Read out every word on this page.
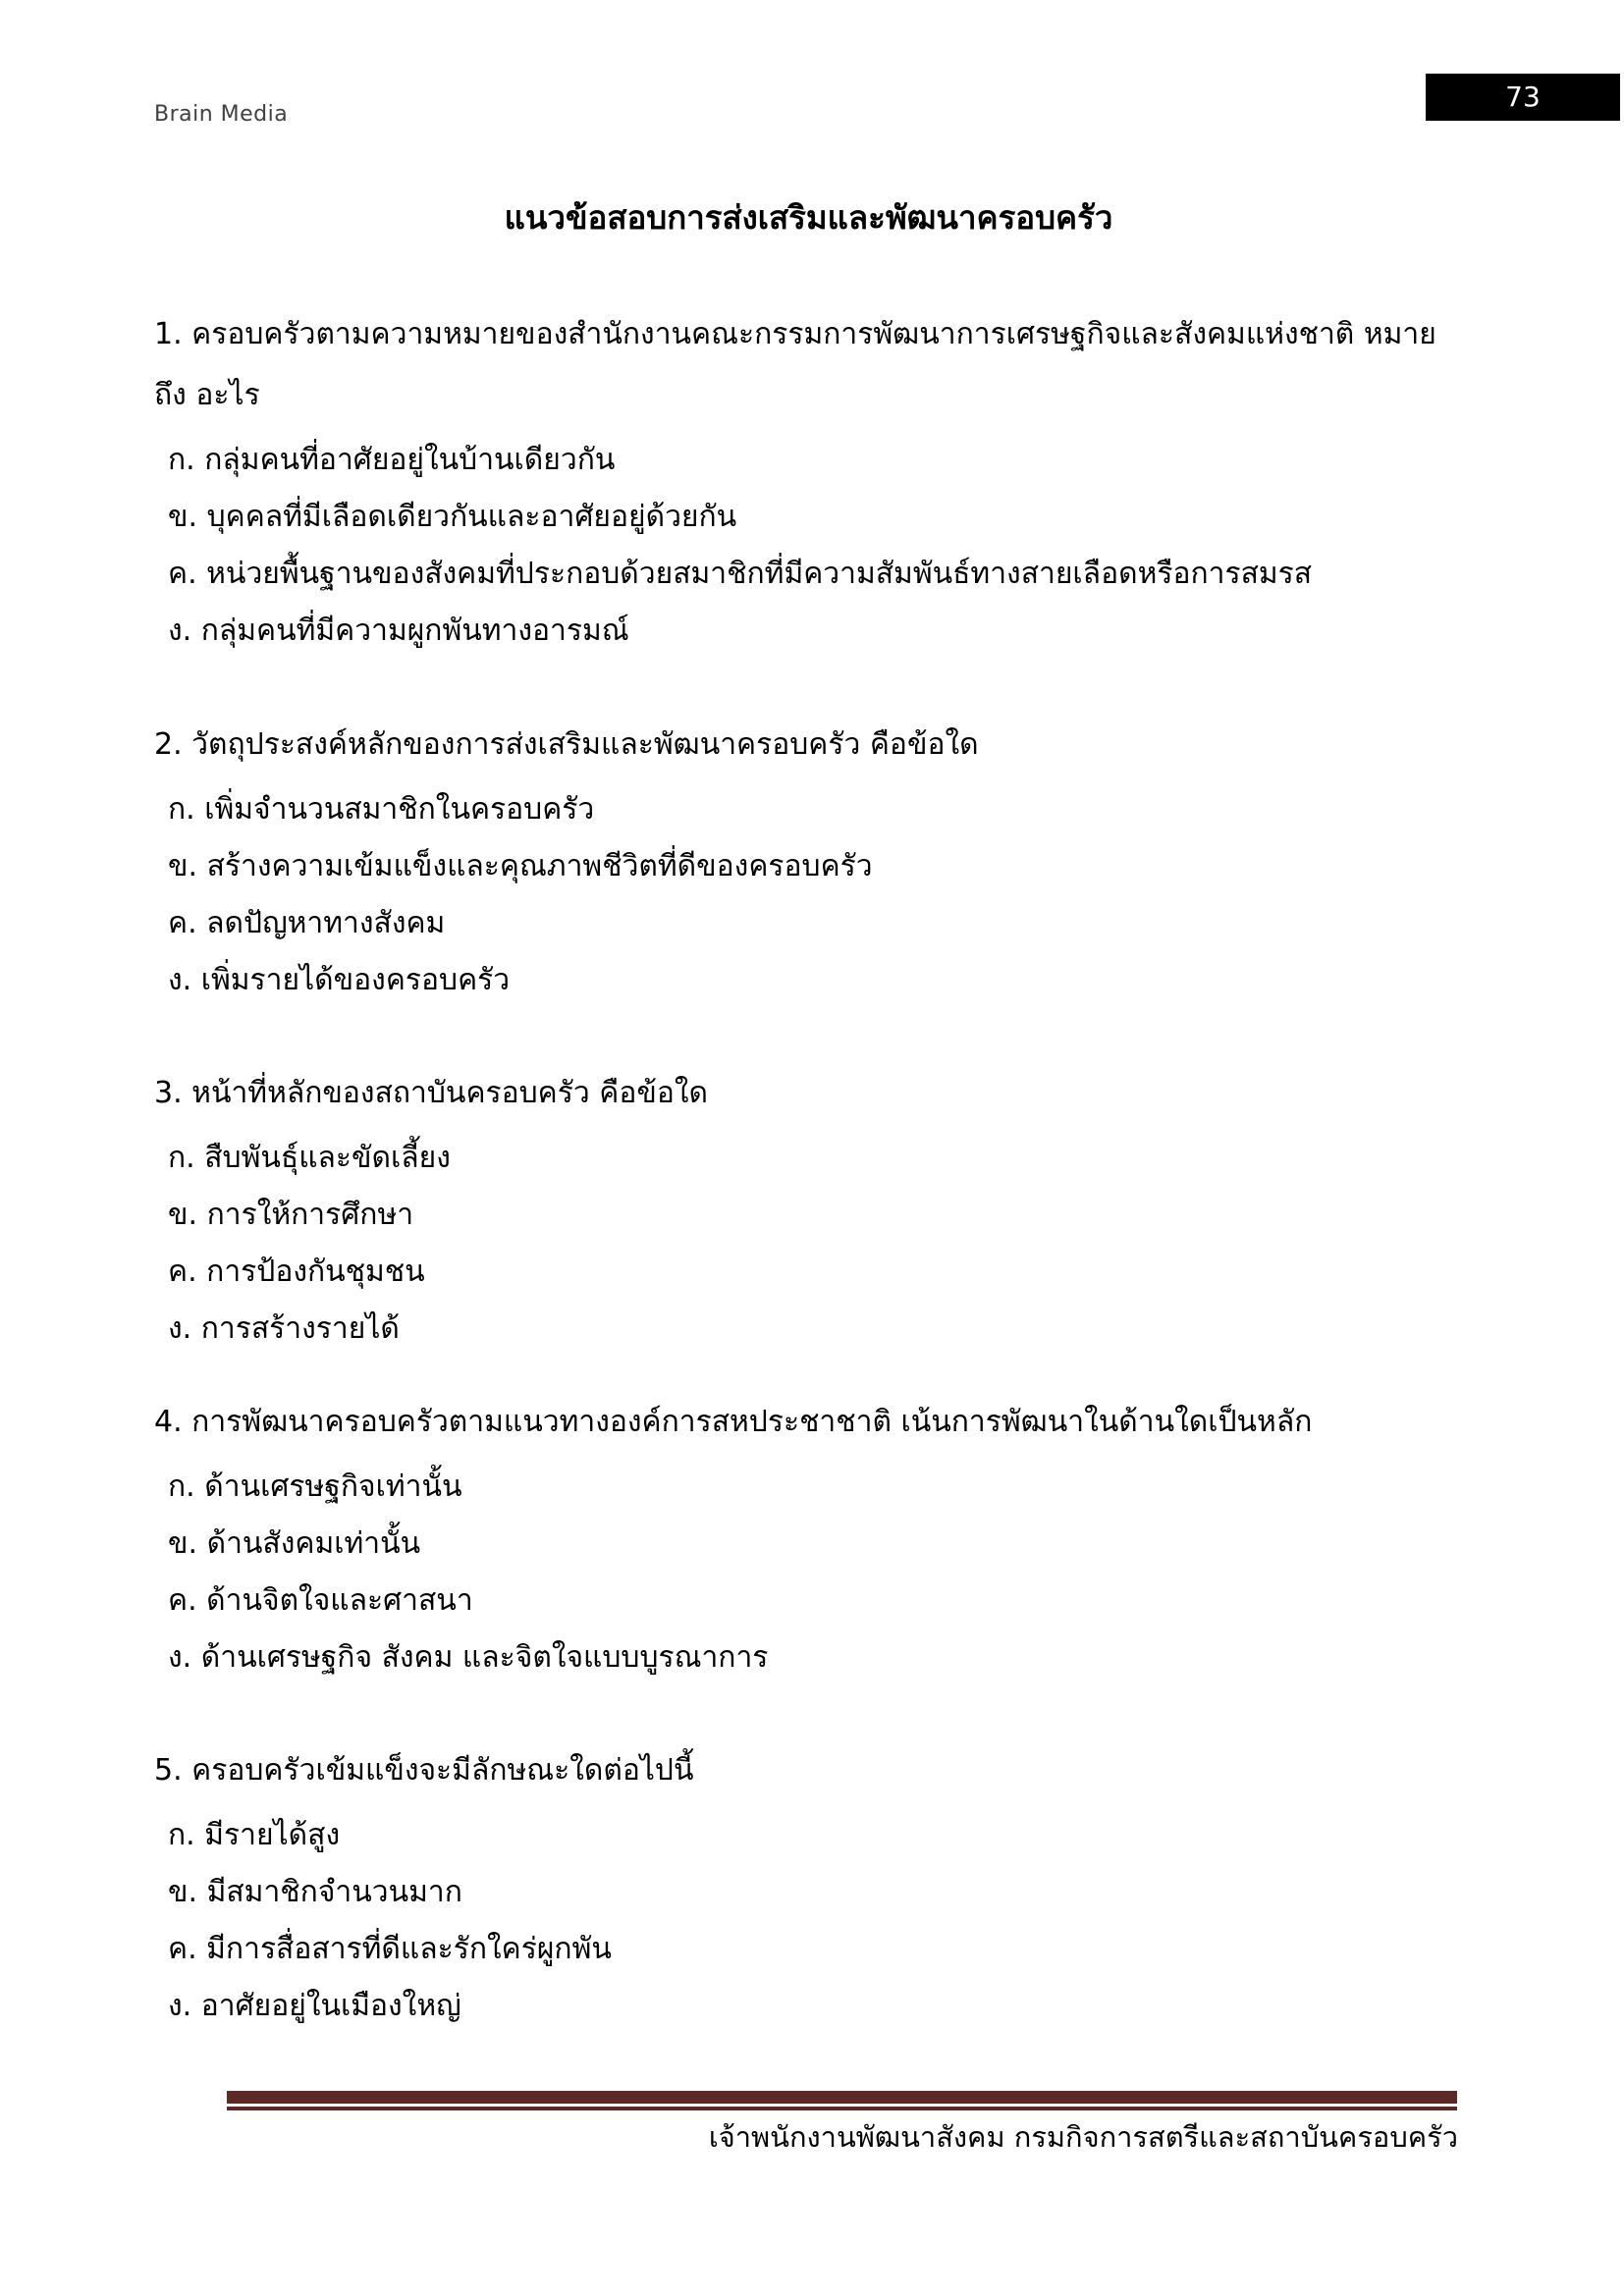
Brain Media
73
แนวข้อสอบการส่งเสริมและพัฒนาครอบครัว
1. ครอบครัวตามความหมายของสำนักงานคณะกรรมการพัฒนาการเศรษฐกิจและสังคมแห่งชาติ หมายถึง อะไร
ก. กลุ่มคนที่อาศัยอยู่ในบ้านเดียวกัน
ข. บุคคลที่มีเลือดเดียวกันและอาศัยอยู่ด้วยกัน
ค. หน่วยพื้นฐานของสังคมที่ประกอบด้วยสมาชิกที่มีความสัมพันธ์ทางสายเลือดหรือการสมรส
ง. กลุ่มคนที่มีความผูกพันทางอารมณ์
2. วัตถุประสงค์หลักของการส่งเสริมและพัฒนาครอบครัว คือข้อใด
ก. เพิ่มจำนวนสมาชิกในครอบครัว
ข. สร้างความเข้มแข็งและคุณภาพชีวิตที่ดีของครอบครัว
ค. ลดปัญหาทางสังคม
ง. เพิ่มรายได้ของครอบครัว
3. หน้าที่หลักของสถาบันครอบครัว คือข้อใด
ก. สืบพันธุ์และขัดเลี้ยง
ข. การให้การศึกษา
ค. การป้องกันชุมชน
ง. การสร้างรายได้
4. การพัฒนาครอบครัวตามแนวทางองค์การสหประชาชาติ เน้นการพัฒนาในด้านใดเป็นหลัก
ก. ด้านเศรษฐกิจเท่านั้น
ข. ด้านสังคมเท่านั้น
ค. ด้านจิตใจและศาสนา
ง. ด้านเศรษฐกิจ สังคม และจิตใจแบบบูรณาการ
5. ครอบครัวเข้มแข็งจะมีลักษณะใดต่อไปนี้
ก. มีรายได้สูง
ข. มีสมาชิกจำนวนมาก
ค. มีการสื่อสารที่ดีและรักใคร่ผูกพัน
ง. อาศัยอยู่ในเมืองใหญ่
เจ้าพนักงานพัฒนาสังคม กรมกิจการสตรีและสถาบันครอบครัว
